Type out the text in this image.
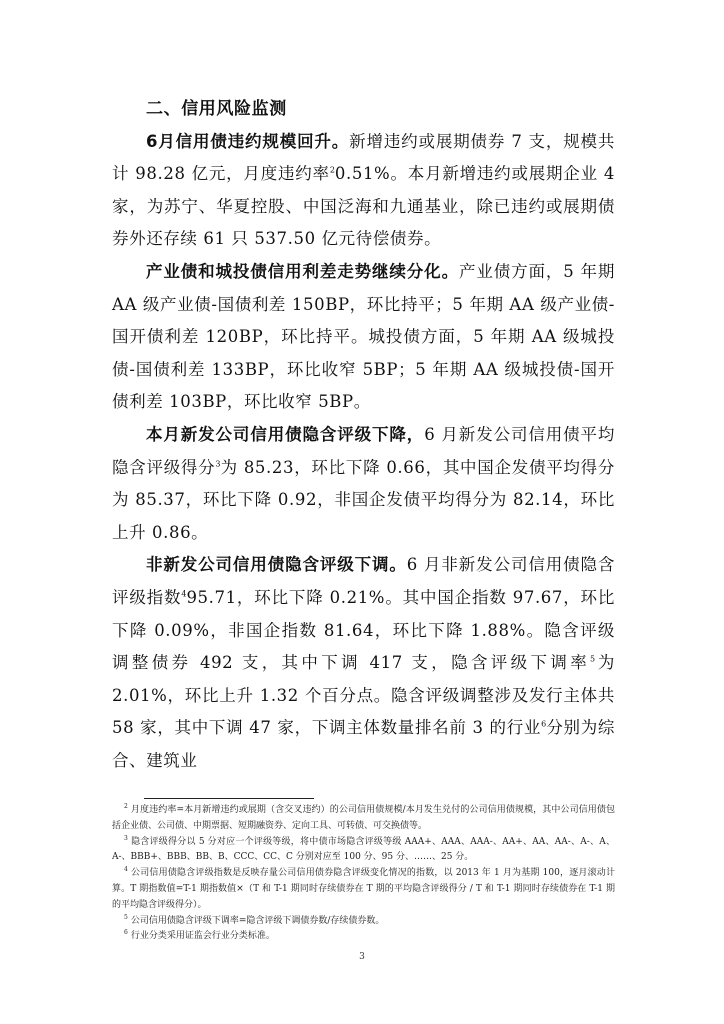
二、信用风险监测

6月信用债违约规模回升。新增违约或展期债券 7 支，规模共计 98.28 亿元，月度违约率$^2$0.51%。本月新增违约或展期企业 4 家，为苏宁、华夏控股、中国泛海和九通基业，除已违约或展期债券外还存续 61 只 537.50 亿元待偿债券。

产业债和城投债信用利差走势继续分化。产业债方面，5 年期 AA 级产业债-国债利差 150BP，环比持平；5 年期 AA 级产业债-国开债利差 120BP，环比持平。城投债方面，5 年期 AA 级城投债-国债利差 133BP，环比收窄 5BP；5 年期 AA 级城投债-国开债利差 103BP，环比收窄 5BP。

本月新发公司信用债隐含评级下降，6 月新发公司信用债平均隐含评级得分$^3$为 85.23，环比下降 0.66，其中国企发债平均得分为 85.37，环比下降 0.92，非国企发债平均得分为 82.14，环比上升 0.86。

非新发公司信用债隐含评级下调。6 月非新发公司信用债隐含评级指数$^4$95.71，环比下降 0.21%。其中国企指数 97.67，环比下降 0.09%，非国企指数 81.64，环比下降 1.88%。隐含评级调整债券 492 支，其中下调 417 支，隐含评级下调率$^5$为 2.01%，环比上升 1.32 个百分点。隐含评级调整涉及发行主体共 58 家，其中下调 47 家，下调主体数量排名前 3 的行业$^6$分别为综合、建筑业

$^2$ 月度违约率=本月新增违约或展期（含交叉违约）的公司信用债规模/本月发生兑付的公司信用债规模，其中公司信用债包括企业债、公司债、中期票据、短期融资券、定向工具、可转债、可交换债等。

$^3$ 隐含评级得分以 5 分对应一个评级等级，将中债市场隐含评级等级 AAA+、AAA、AAA-、AA+、AA、AA-、A-、A、A-、BBB+、BBB、BB、B、CCC、CC、C 分别对应至 100 分、95 分、……、25 分。

$^4$ 公司信用债隐含评级指数是反映存量公司信用债券隐含评级变化情况的指数，以 2013 年 1 月为基期 100，逐月滚动计算。T 期指数值=T-1 期指数值×（T 和 T-1 期同时存续债券在 T 期的平均隐含评级得分 / T 和 T-1 期同时存续债券在 T-1 期的平均隐含评级得分）。

$^5$ 公司信用债隐含评级下调率=隐含评级下调债券数/存续债券数。

$^6$ 行业分类采用证监会行业分类标准。

3
